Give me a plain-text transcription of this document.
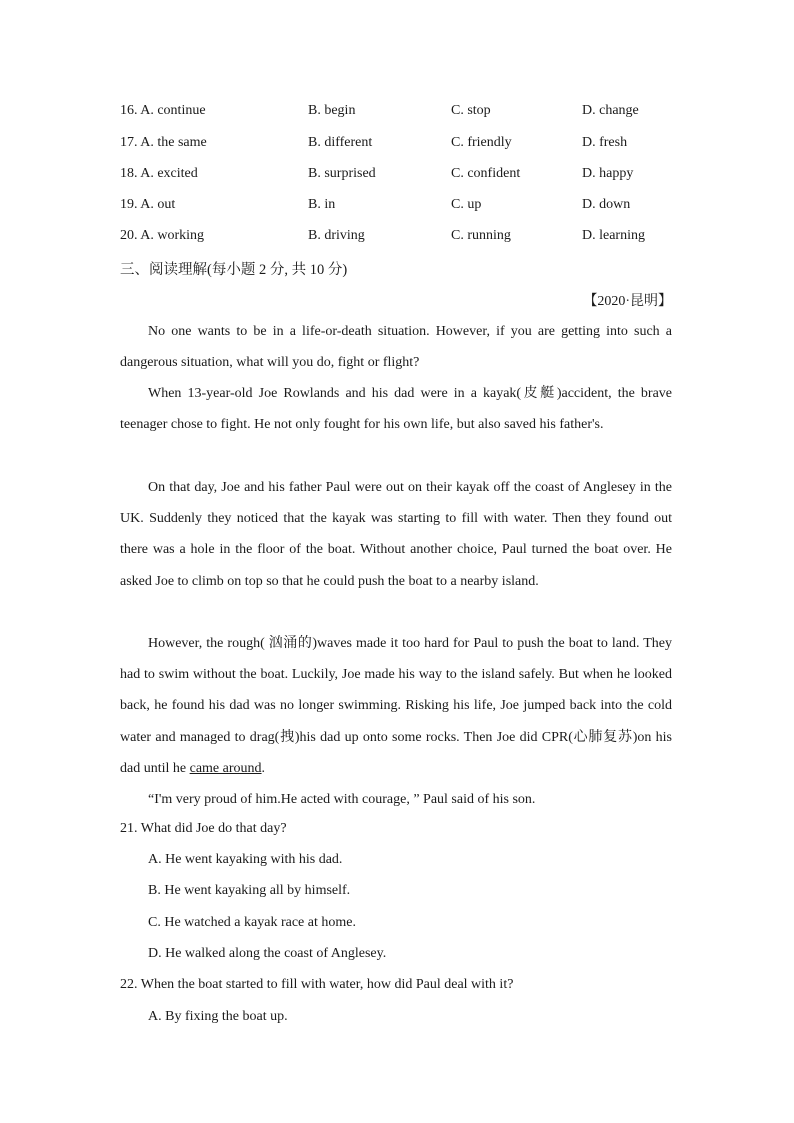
16. A. continue	B. begin	C. stop	D. change
17. A. the same	B. different	C. friendly	D. fresh
18. A. excited	B. surprised	C. confident	D. happy
19. A. out	B. in	C. up	D. down
20. A. working	B. driving	C. running	D. learning
三、阅读理解(每小题 2 分, 共 10 分)
【2020·昆明】

No one wants to be in a life-or-death situation. However, if you are getting into such a dangerous situation, what will you do, fight or flight?

When 13-year-old Joe Rowlands and his dad were in a kayak(皮艇)accident, the brave teenager chose to fight. He not only fought for his own life, but also saved his father's.

On that day, Joe and his father Paul were out on their kayak off the coast of Anglesey in the UK. Suddenly they noticed that the kayak was starting to fill with water. Then they found out there was a hole in the floor of the boat. Without another choice, Paul turned the boat over. He asked Joe to climb on top so that he could push the boat to a nearby island.

However, the rough( 汹涌的)waves made it too hard for Paul to push the boat to land. They had to swim without the boat. Luckily, Joe made his way to the island safely. But when he looked back, he found his dad was no longer swimming. Risking his life, Joe jumped back into the cold water and managed to drag(拽)his dad up onto some rocks. Then Joe did CPR(心肺复苏)on his dad until he came around.

“I'm very proud of him.He acted with courage, ” Paul said of his son.

21. What did Joe do that day?
A. He went kayaking with his dad.
B. He went kayaking all by himself.
C. He watched a kayak race at home.
D. He walked along the coast of Anglesey.
22. When the boat started to fill with water, how did Paul deal with it?
A. By fixing the boat up.
